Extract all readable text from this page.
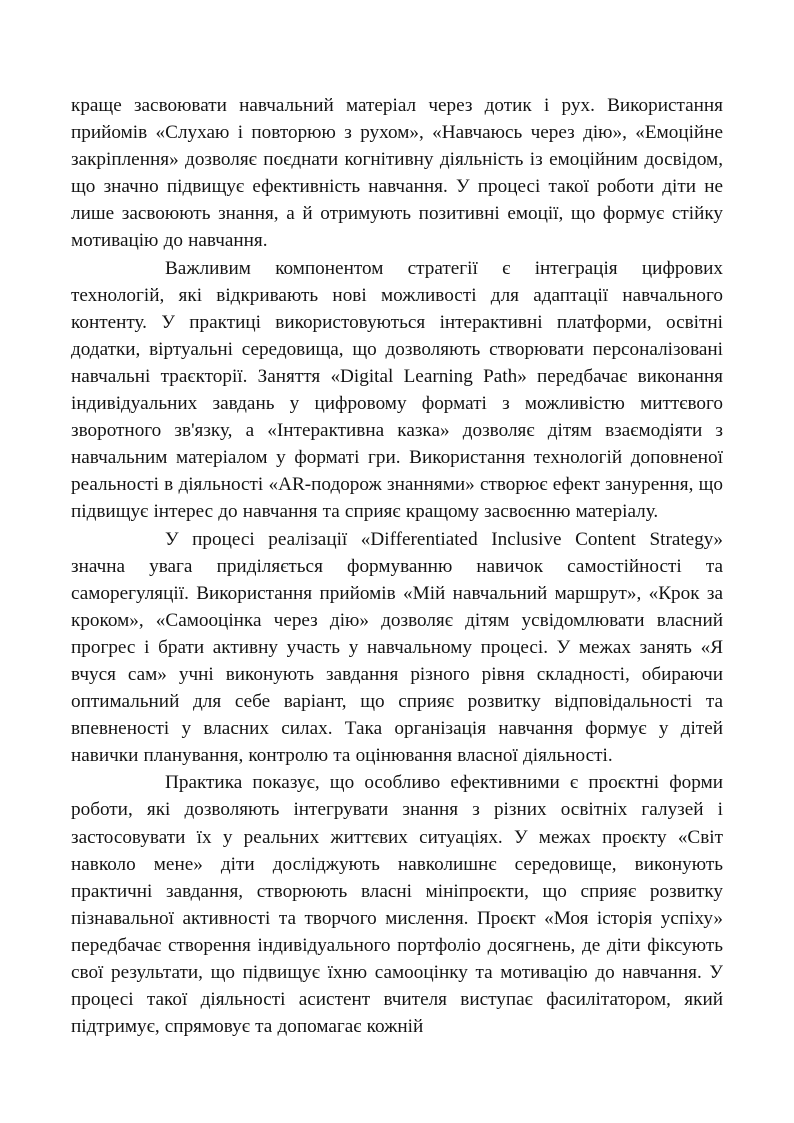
краще засвоювати навчальний матеріал через дотик і рух. Використання прийомів «Слухаю і повторюю з рухом», «Навчаюсь через дію», «Емоційне закріплення» дозволяє поєднати когнітивну діяльність із емоційним досвідом, що значно підвищує ефективність навчання. У процесі такої роботи діти не лише засвоюють знання, а й отримують позитивні емоції, що формує стійку мотивацію до навчання.

Важливим компонентом стратегії є інтеграція цифрових технологій, які відкривають нові можливості для адаптації навчального контенту. У практиці використовуються інтерактивні платформи, освітні додатки, віртуальні середовища, що дозволяють створювати персоналізовані навчальні траєкторії. Заняття «Digital Learning Path» передбачає виконання індивідуальних завдань у цифровому форматі з можливістю миттєвого зворотного зв'язку, а «Інтерактивна казка» дозволяє дітям взаємодіяти з навчальним матеріалом у форматі гри. Використання технологій доповненої реальності в діяльності «AR-подорож знаннями» створює ефект занурення, що підвищує інтерес до навчання та сприяє кращому засвоєнню матеріалу.

У процесі реалізації «Differentiated Inclusive Content Strategy» значна увага приділяється формуванню навичок самостійності та саморегуляції. Використання прийомів «Мій навчальний маршрут», «Крок за кроком», «Самооцінка через дію» дозволяє дітям усвідомлювати власний прогрес і брати активну участь у навчальному процесі. У межах занять «Я вчуся сам» учні виконують завдання різного рівня складності, обираючи оптимальний для себе варіант, що сприяє розвитку відповідальності та впевненості у власних силах. Така організація навчання формує у дітей навички планування, контролю та оцінювання власної діяльності.

Практика показує, що особливо ефективними є проєктні форми роботи, які дозволяють інтегрувати знання з різних освітніх галузей і застосовувати їх у реальних життєвих ситуаціях. У межах проєкту «Світ навколо мене» діти досліджують навколишнє середовище, виконують практичні завдання, створюють власні мініпроєкти, що сприяє розвитку пізнавальної активності та творчого мислення. Проєкт «Моя історія успіху» передбачає створення індивідуального портфоліо досягнень, де діти фіксують свої результати, що підвищує їхню самооцінку та мотивацію до навчання. У процесі такої діяльності асистент вчителя виступає фасилітатором, який підтримує, спрямовує та допомагає кожній
